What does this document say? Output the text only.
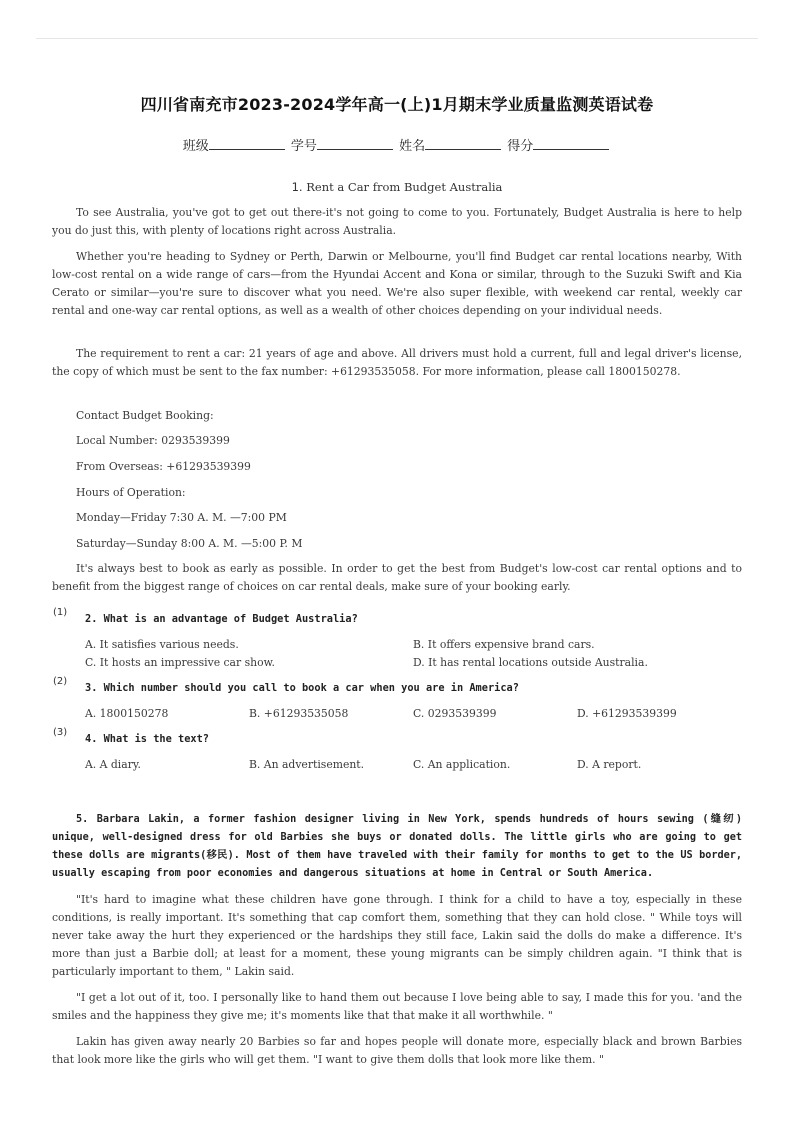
四川省南充市2023-2024学年高一(上)1月期末学业质量监测英语试卷
班级	学号	姓名	得分
1. Rent a Car from Budget Australia

To see Australia, you've got to get out there-it's not going to come to you. Fortunately, Budget Australia is here to help you do just this, with plenty of locations right across Australia.

Whether you're heading to Sydney or Perth, Darwin or Melbourne, you'll find Budget car rental locations nearby, With low-cost rental on a wide range of cars—from the Hyundai Accent and Kona or similar, through to the Suzuki Swift and Kia Cerato or similar—you're sure to discover what you need. We're also super flexible, with weekend car rental, weekly car rental and one-way car rental options, as well as a wealth of other choices depending on your individual needs.

The requirement to rent a car: 21 years of age and above. All drivers must hold a current, full and legal driver's license, the copy of which must be sent to the fax number: +61293535058. For more information, please call 1800150278.

Contact Budget Booking:
Local Number: 0293539399
From Overseas: +61293539399
Hours of Operation:
Monday—Friday 7:30 A. M. —7:00 PM
Saturday—Sunday 8:00 A. M. —5:00 P. M

It's always best to book as early as possible. In order to get the best from Budget's low-cost car rental options and to benefit from the biggest range of choices on car rental deals, make sure of your booking early.

(1)
2. What is an advantage of Budget Australia?
A. It satisfies various needs.	B. It offers expensive brand cars.
C. It hosts an impressive car show.	D. It has rental locations outside Australia.
(2)
3. Which number should you call to book a car when you are in America?
A. 1800150278	B. +61293535058	C. 0293539399	D. +61293539399
(3)
4. What is the text?
A. A diary.	B. An advertisement.	C. An application.	D. A report.

5. Barbara Lakin, a former fashion designer living in New York, spends hundreds of hours sewing (缝纫) unique, well-designed dress for old Barbies she buys or donated dolls. The little girls who are going to get these dolls are migrants(移民). Most of them have traveled with their family for months to get to the US border, usually escaping from poor economies and dangerous situations at home in Central or South America.

"It's hard to imagine what these children have gone through. I think for a child to have a toy, especially in these conditions, is really important. It's something that cap comfort them, something that they can hold close. " While toys will never take away the hurt they experienced or the hardships they still face, Lakin said the dolls do make a difference. It's more than just a Barbie doll; at least for a moment, these young migrants can be simply children again. "I think that is particularly important to them, " Lakin said.

"I get a lot out of it, too. I personally like to hand them out because I love being able to say, I made this for you. 'and the smiles and the happiness they give me; it's moments like that that make it all worthwhile. "

Lakin has given away nearly 20 Barbies so far and hopes people will donate more, especially black and brown Barbies that look more like the girls who will get them. "I want to give them dolls that look more like them. "
